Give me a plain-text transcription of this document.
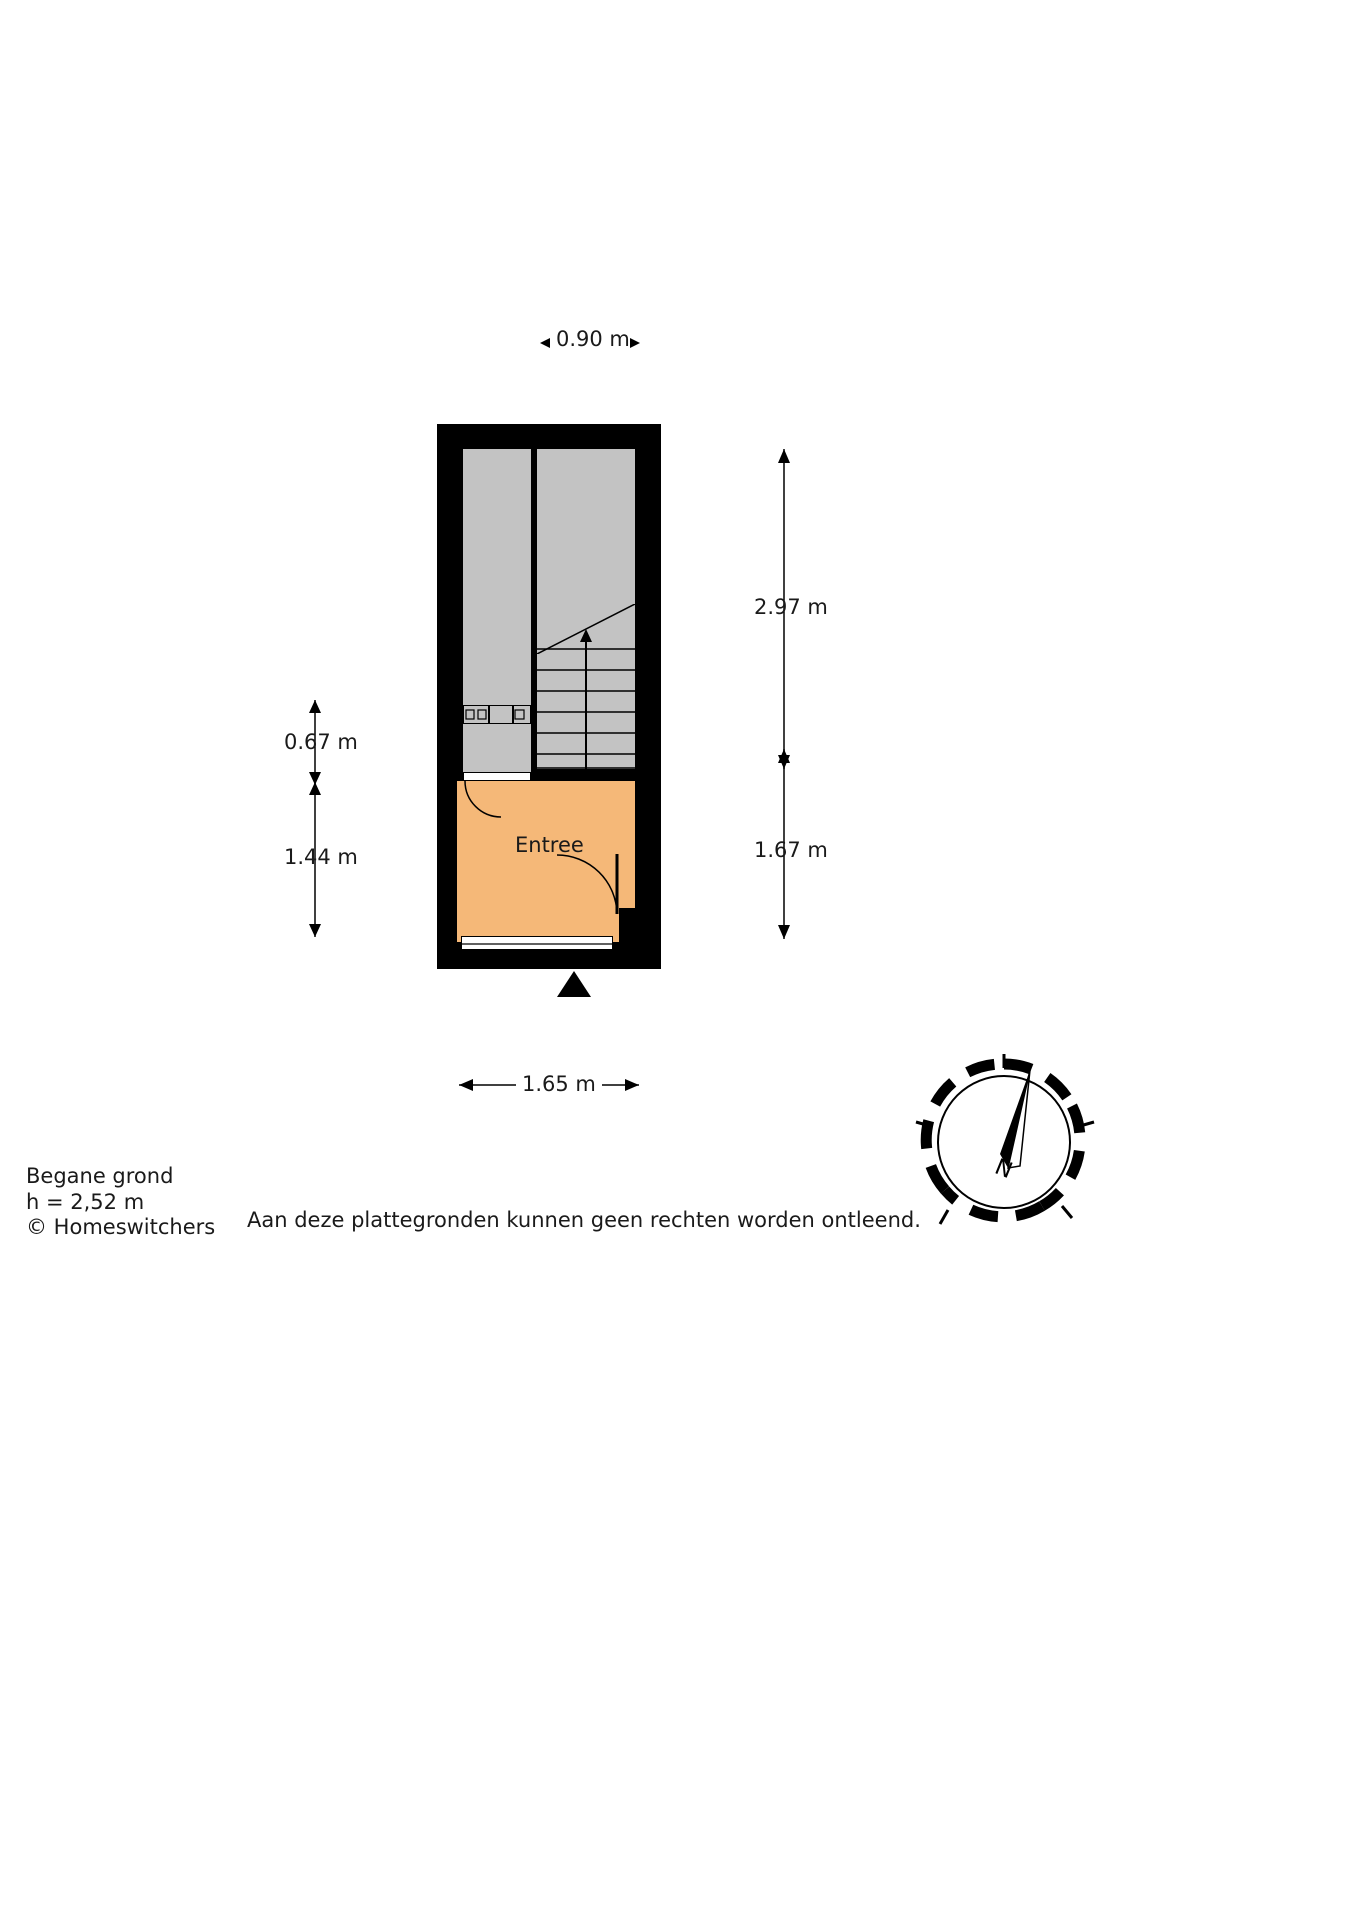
0.90 m
Entree
2.97 m
1.67 m
0.67 m
1.44 m
1.65 m
Begane grond
h = 2,52 m
© Homeswitchers Aan deze plattegronden kunnen geen rechten worden ontleend.
N
